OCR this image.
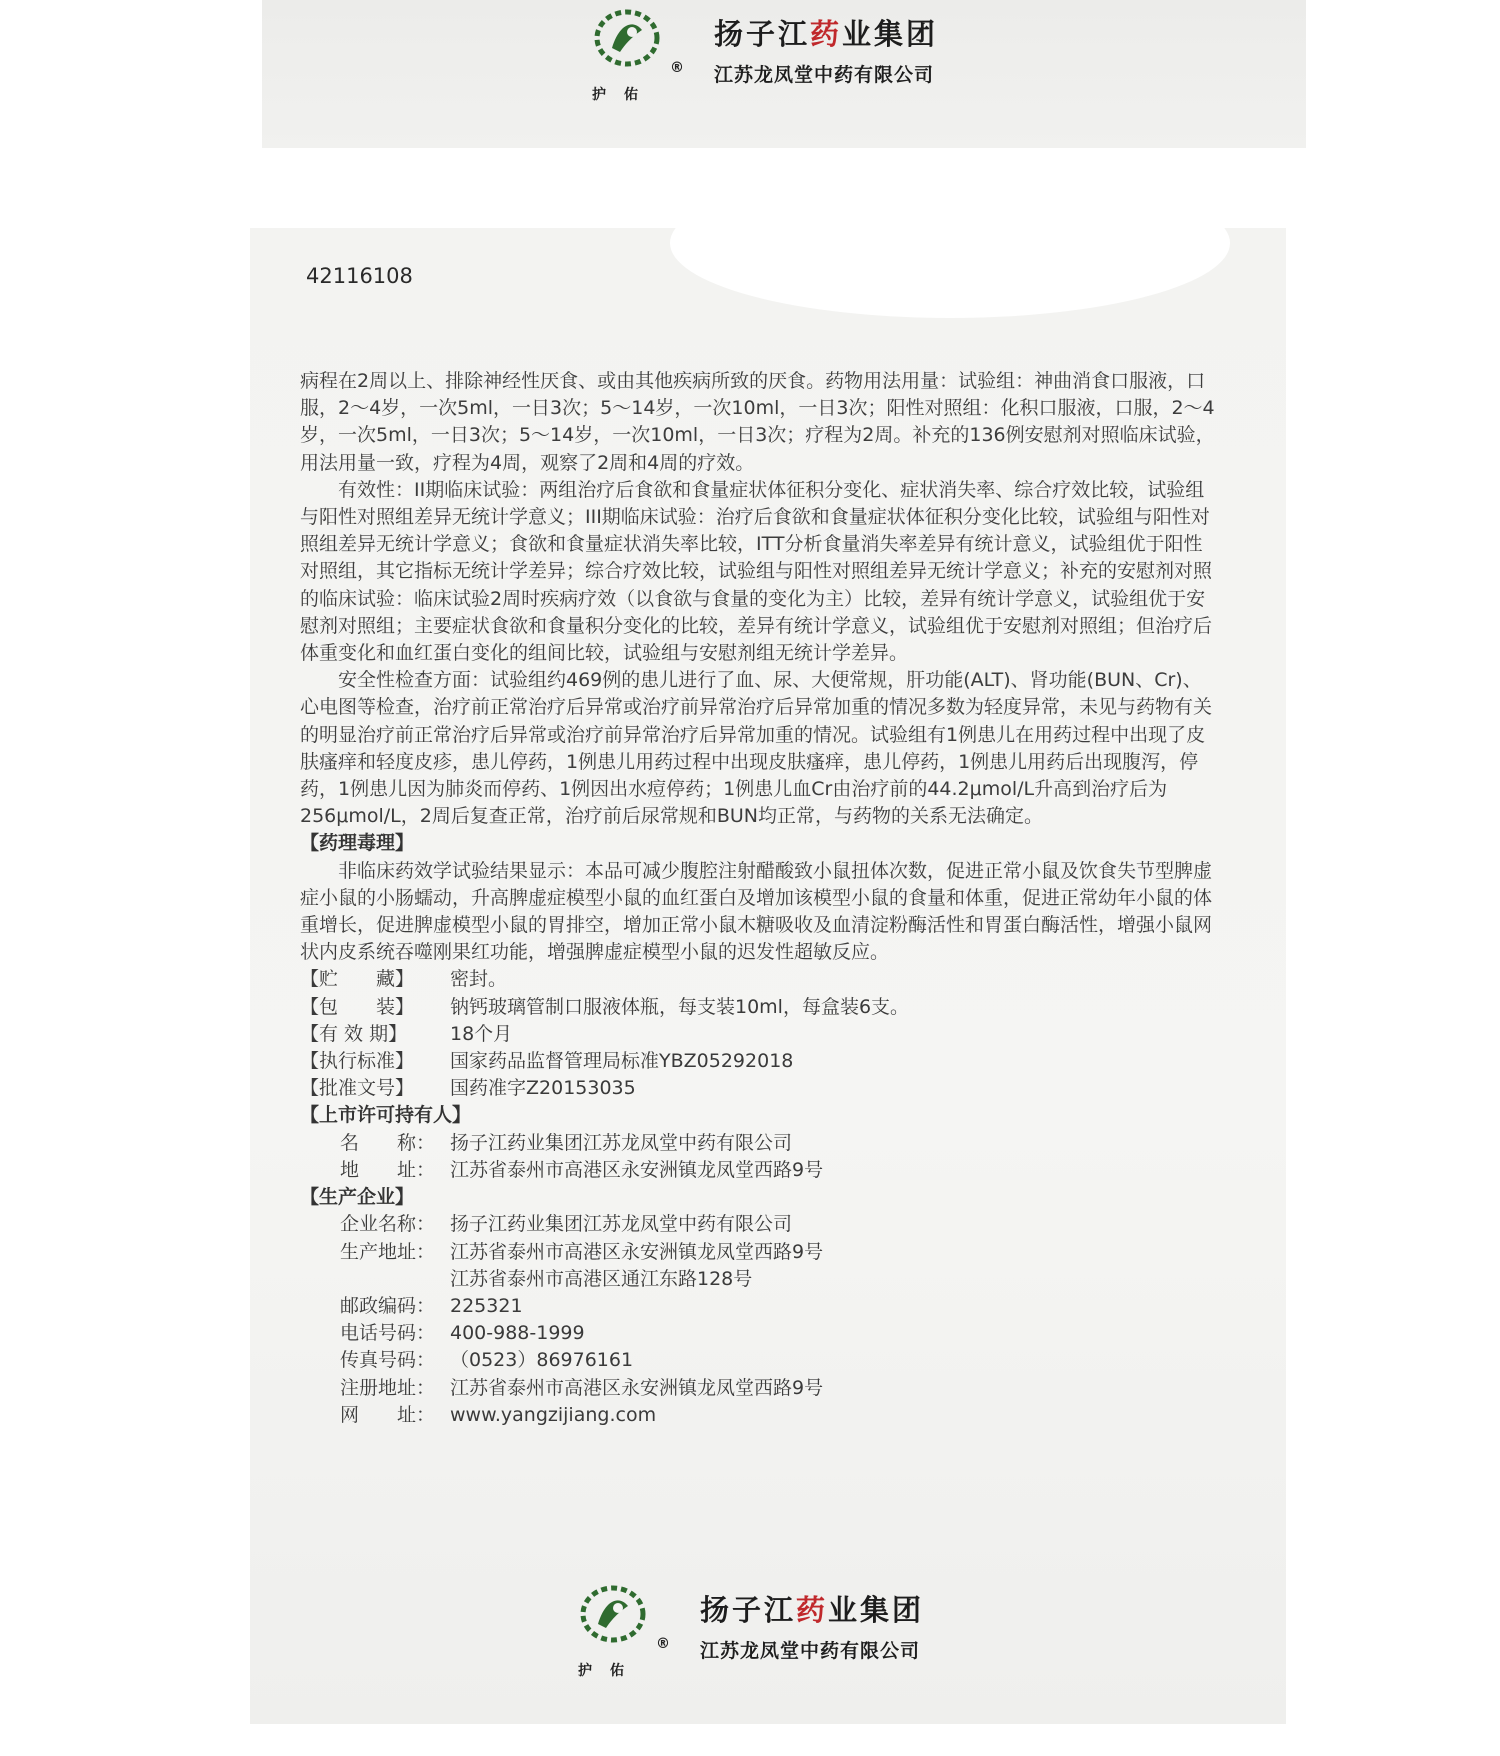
®
护佑
扬子江药业集团
江苏龙凤堂中药有限公司
42116108

病程在2周以上、排除神经性厌食、或由其他疾病所致的厌食。药物用法用量：试验组：神曲消食口服液，口服，2～4岁，一次5ml，一日3次；5～14岁，一次10ml，一日3次；阳性对照组：化积口服液，口服，2～4岁，一次5ml，一日3次；5～14岁，一次10ml，一日3次；疗程为2周。补充的136例安慰剂对照临床试验，用法用量一致，疗程为4周，观察了2周和4周的疗效。

有效性：II期临床试验：两组治疗后食欲和食量症状体征积分变化、症状消失率、综合疗效比较，试验组与阳性对照组差异无统计学意义；III期临床试验：治疗后食欲和食量症状体征积分变化比较，试验组与阳性对照组差异无统计学意义；食欲和食量症状消失率比较，ITT分析食量消失率差异有统计意义，试验组优于阳性对照组，其它指标无统计学差异；综合疗效比较，试验组与阳性对照组差异无统计学意义；补充的安慰剂对照的临床试验：临床试验2周时疾病疗效（以食欲与食量的变化为主）比较，差异有统计学意义，试验组优于安慰剂对照组；主要症状食欲和食量积分变化的比较，差异有统计学意义，试验组优于安慰剂对照组；但治疗后体重变化和血红蛋白变化的组间比较，试验组与安慰剂组无统计学差异。

安全性检查方面：试验组约469例的患儿进行了血、尿、大便常规，肝功能(ALT)、肾功能(BUN、Cr)、心电图等检查，治疗前正常治疗后异常或治疗前异常治疗后异常加重的情况多数为轻度异常，未见与药物有关的明显治疗前正常治疗后异常或治疗前异常治疗后异常加重的情况。试验组有1例患儿在用药过程中出现了皮肤瘙痒和轻度皮疹，患儿停药，1例患儿用药过程中出现皮肤瘙痒，患儿停药，1例患儿用药后出现腹泻，停药，1例患儿因为肺炎而停药、1例因出水痘停药；1例患儿血Cr由治疗前的44.2μmol/L升高到治疗后为256μmol/L，2周后复查正常，治疗前后尿常规和BUN均正常，与药物的关系无法确定。

【药理毒理】

非临床药效学试验结果显示：本品可减少腹腔注射醋酸致小鼠扭体次数，促进正常小鼠及饮食失节型脾虚症小鼠的小肠蠕动，升高脾虚症模型小鼠的血红蛋白及增加该模型小鼠的食量和体重，促进正常幼年小鼠的体重增长，促进脾虚模型小鼠的胃排空，增加正常小鼠木糖吸收及血清淀粉酶活性和胃蛋白酶活性，增强小鼠网状内皮系统吞噬刚果红功能，增强脾虚症模型小鼠的迟发性超敏反应。

【贮　　藏】 密封。
【包　　装】 钠钙玻璃管制口服液体瓶，每支装10ml，每盒装6支。
【有 效 期】 18个月
【执行标准】 国家药品监督管理局标准YBZ05292018
【批准文号】 国药准字Z20153035
【上市许可持有人】
名　　称： 扬子江药业集团江苏龙凤堂中药有限公司
地　　址： 江苏省泰州市高港区永安洲镇龙凤堂西路9号
【生产企业】
企业名称： 扬子江药业集团江苏龙凤堂中药有限公司
生产地址： 江苏省泰州市高港区永安洲镇龙凤堂西路9号
江苏省泰州市高港区通江东路128号
邮政编码： 225321
电话号码： 400-988-1999
传真号码： （0523）86976161
注册地址： 江苏省泰州市高港区永安洲镇龙凤堂西路9号
网　　址： www.yangzijiang.com
®
护佑
扬子江药业集团
江苏龙凤堂中药有限公司
